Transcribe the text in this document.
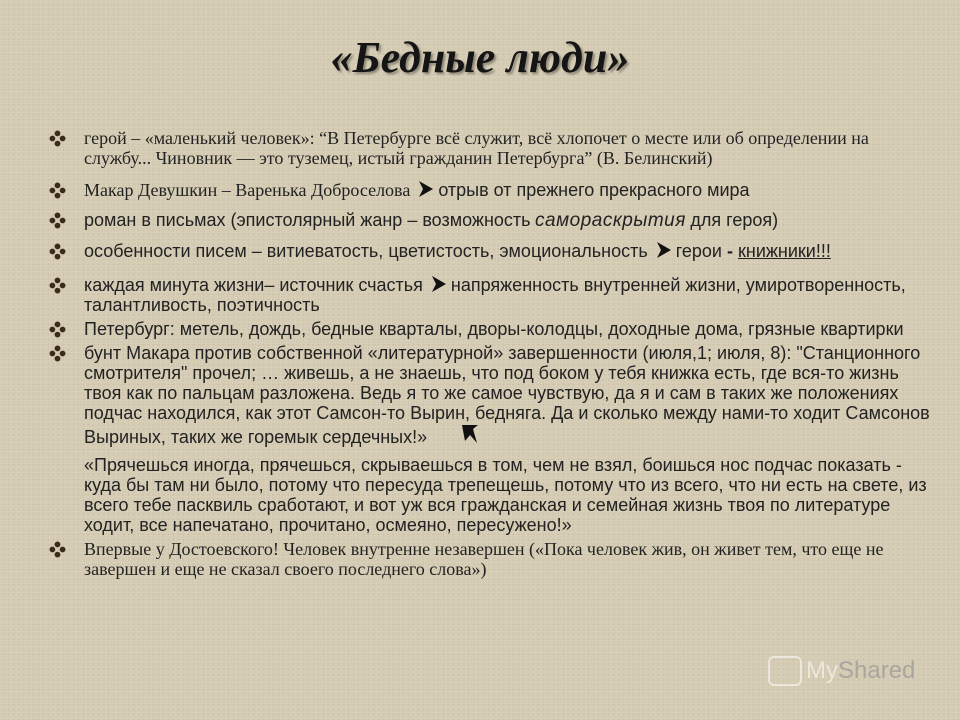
«Бедные люди»
герой – «маленький человек»: “В Петербурге всё служит, всё хлопочет о месте или об определении на службу... Чиновник — это туземец, истый гражданин Петербурга” (В. Белинский)
Макар Девушкин – Варенька Доброселова отрыв от прежнего прекрасного мира
роман в письмах (эпистолярный жанр – возможность самораскрытия для героя)
особенности писем – витиеватость, цветистость, эмоциональность герои - книжники!!!
каждая минута жизни– источник счастья напряженность внутренней жизни, умиротворенность, талантливость, поэтичность
Петербург: метель, дождь, бедные кварталы, дворы-колодцы, доходные дома, грязные квартирки
бунт Макара против собственной «литературной» завершенности (июля,1; июля, 8): "Станционного смотрителя" прочел; … живешь, а не знаешь, что под боком у тебя книжка есть, где вся-то жизнь твоя как по пальцам разложена. Ведь я то же самое чувствую, да я и сам в таких же положениях подчас находился, как этот Самсон-то Вырин, бедняга. Да и сколько между нами-то ходит Самсонов Выриных, таких же горемык сердечных!»
«Прячешься иногда, прячешься, скрываешься в том, чем не взял, боишься нос подчас показать - куда бы там ни было, потому что пересуда трепещешь, потому что из всего, что ни есть на свете, из всего тебе пасквиль сработают, и вот уж вся гражданская и семейная жизнь твоя по литературе ходит, все напечатано, прочитано, осмеяно, пересужено!»
Впервые у Достоевского! Человек внутренне незавершен («Пока человек жив, он живет тем, что еще не завершен и еще не сказал своего последнего слова»)
My Shared
